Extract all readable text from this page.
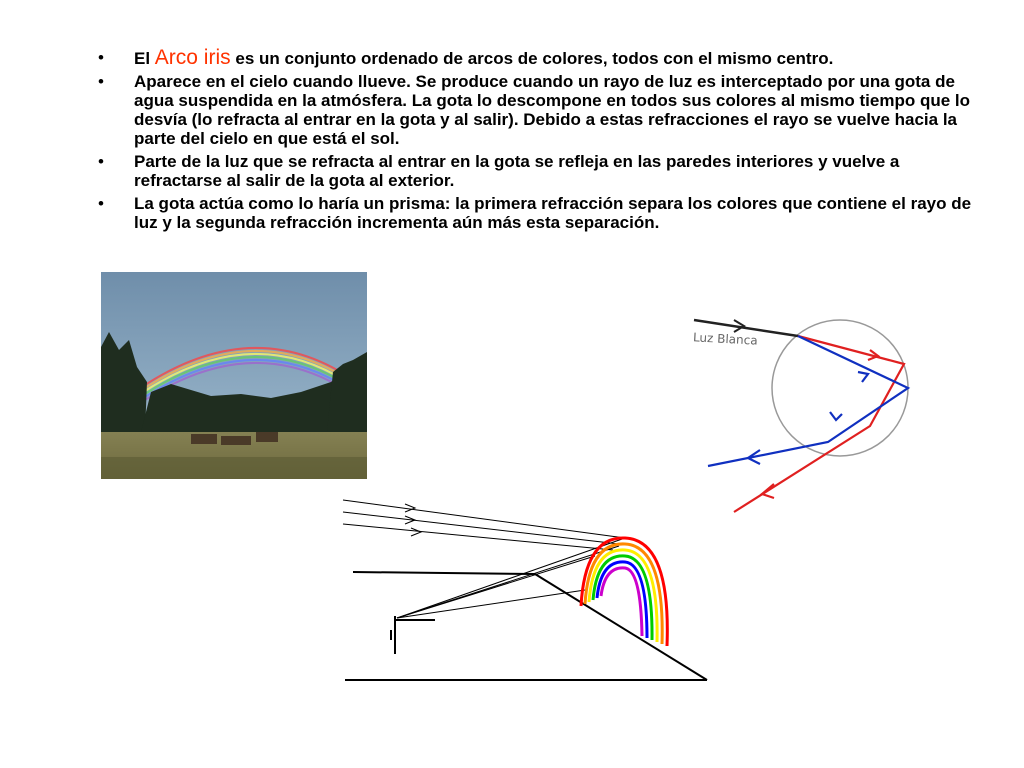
• El Arco iris es un conjunto ordenado de arcos de colores, todos con el mismo centro.
• Aparece en el cielo cuando llueve. Se produce cuando un rayo de luz es interceptado por una gota de agua suspendida en la atmósfera. La gota lo descompone en todos sus colores al mismo tiempo que lo desvía (lo refracta al entrar en la gota y al salir). Debido a estas refracciones el rayo se vuelve hacia la parte del cielo en que está el sol.
• Parte de la luz que se refracta al entrar en la gota se refleja en las paredes interiores y vuelve a refractarse al salir de la gota al exterior.
• La gota actúa como lo haría un prisma: la primera refracción separa los colores que contiene el rayo de luz y la segunda refracción incrementa aún más esta separación.
Luz Blanca
